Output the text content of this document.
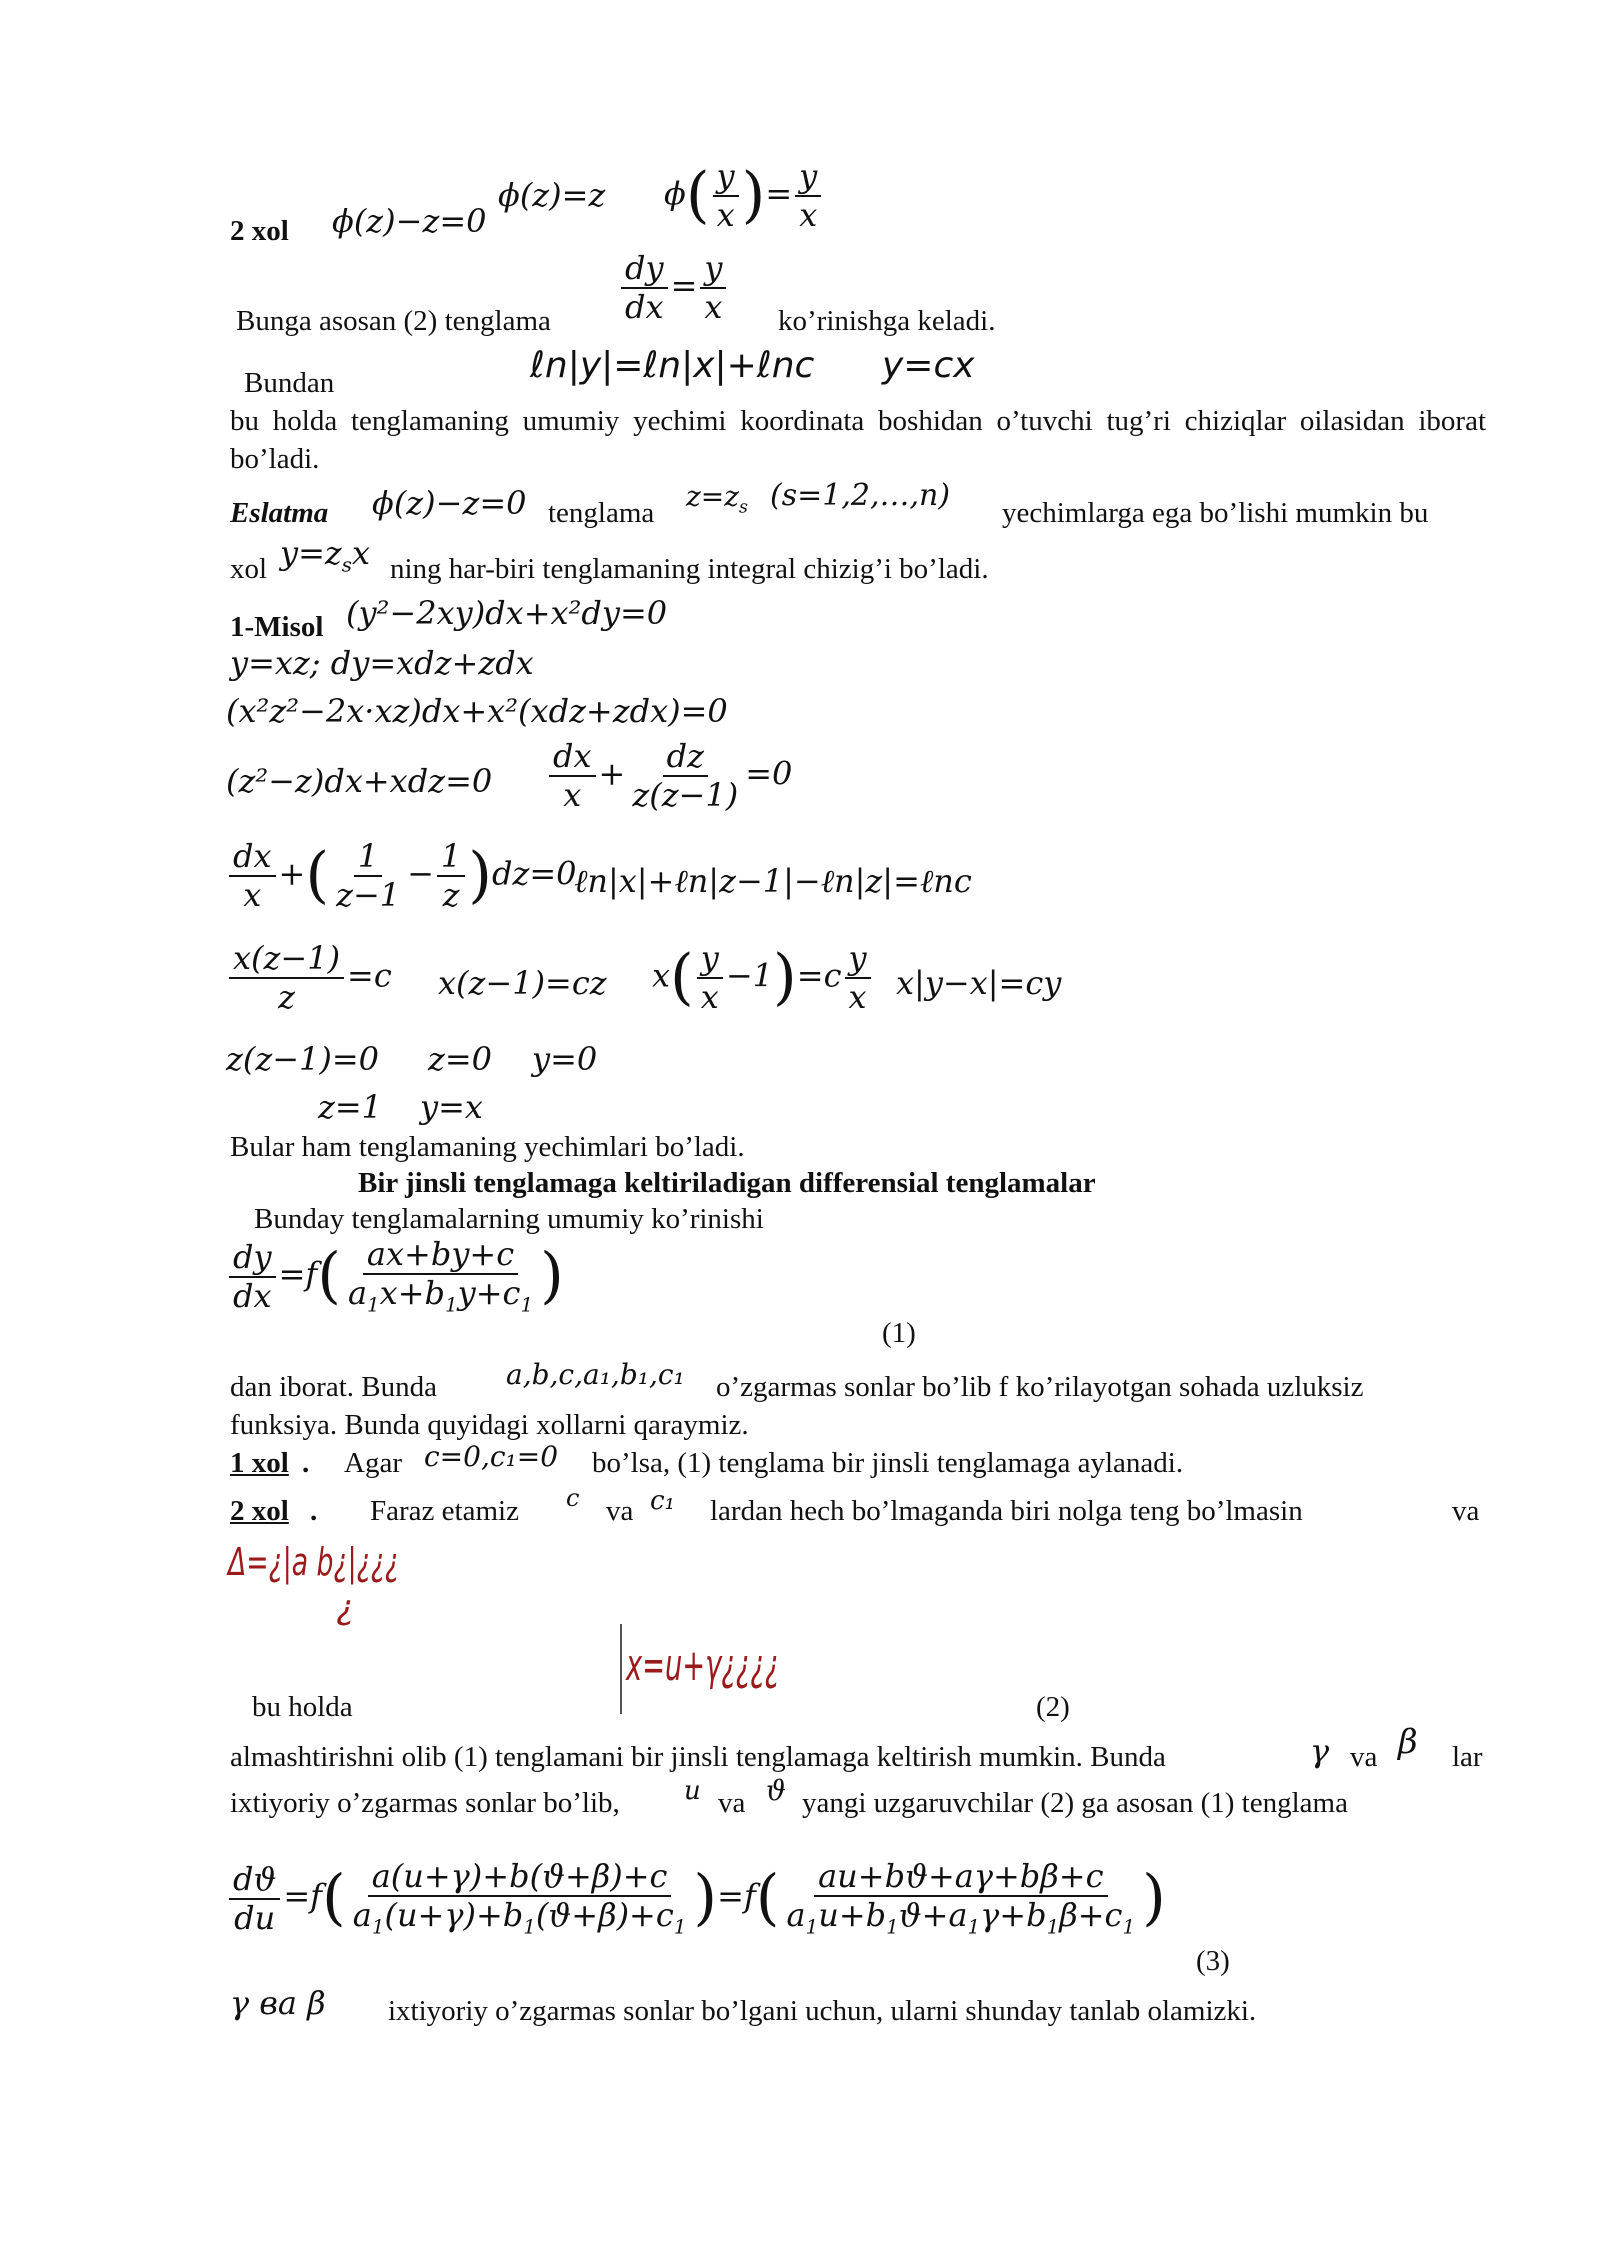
2 xol ϕ(z)−z=0
ϕ(z)=z $\phi( \frac{y}{x}$ )= $\frac{y}{x}$
Bunga asosan (2) tenglama $\frac{dy}{dx} = \frac{y}{x}$ ko’rinishga keladi.
Bundan	ℓn|y|=ℓn|x|+ℓnc y=cx
bu holda tenglamaning umumiy yechimi koordinata boshidan o’tuvchi tug’ri chiziqlar oilasidan iborat bo’ladi.
Eslatma ϕ(z)−z=0 tenglama $z=z_s$ (s=1,2,…,n) yechimlarga ega bo’lishi mumkin bu
xol $y=z_sx$ ning har-biri tenglamaning integral chizig’i bo’ladi.
1-Misol (y²−2xy)dx+x²dy=0
y=xz; dy=xdz+zdx
(x²z²−2x·xz)dx+x²(xdz+zdx)=0
$(z^2-z)dx+xdz=0 \frac{dx}{x} + \frac{dz}{z(z-1)} =0$
$\frac{dx}{x}$ +( $\frac{1}{z-1} - \frac{1}{z} )dz=0$
ℓn|x|+ℓn|z−1|−ℓn|z|=ℓnc
$\frac{x(z-1)}{z} =c$ x(z−1)=cz $x( \frac{y}{x} -1)=c \frac{y}{x} x|y-x|=cy$
z(z−1)=0 z=0 y=0
z=1 y=x
Bular ham tenglamaning yechimlari bo’ladi.
Bir jinsli tenglamaga keltiriladigan differensial tenglamalar
Bunday tenglamalarning umumiy ko’rinishi
$\frac{dy}{dx} =f( \frac{ax+by+c}{a_1x+b_1y+c_1}$ )
(1)
dan iborat. Bunda a,b,c,a₁,b₁,c₁ o’zgarmas sonlar bo’lib f ko’rilayotgan sohada uzluksiz
funksiya. Bunda quyidagi xollarni qaraymiz.
1 xol . Agar c=0,c₁=0 bo’lsa, (1) tenglama bir jinsli tenglamaga aylanadi.
2 xol . Faraz etamiz c va c₁ lardan hech bo’lmaganda biri nolga teng bo’lmasin	va
Δ=¿|a b¿|¿¿¿
¿
bu holda
x=u+γ¿¿¿¿
(2)
almashtirishni olib (1) tenglamani bir jinsli tenglamaga keltirish mumkin. Bunda	γ va β lar
ixtiyoriy o’zgarmas sonlar bo’lib, u va ϑ yangi uzgaruvchilar (2) ga asosan (1) tenglama
$\frac{dϑ}{du} =f( \frac{a(u+\gamma)+b(ϑ+\beta)+c}{a_1(u+\gamma)+b_1(ϑ+\beta)+c_1} )=f( \frac{au+bϑ+a\gamma+b\beta+c}{a_1u+b_1ϑ+a_1\gamma+b_1\beta+c_1}$ )
(3)
γ ва β ixtiyoriy o’zgarmas sonlar bo’lgani uchun, ularni shunday tanlab olamizki.
